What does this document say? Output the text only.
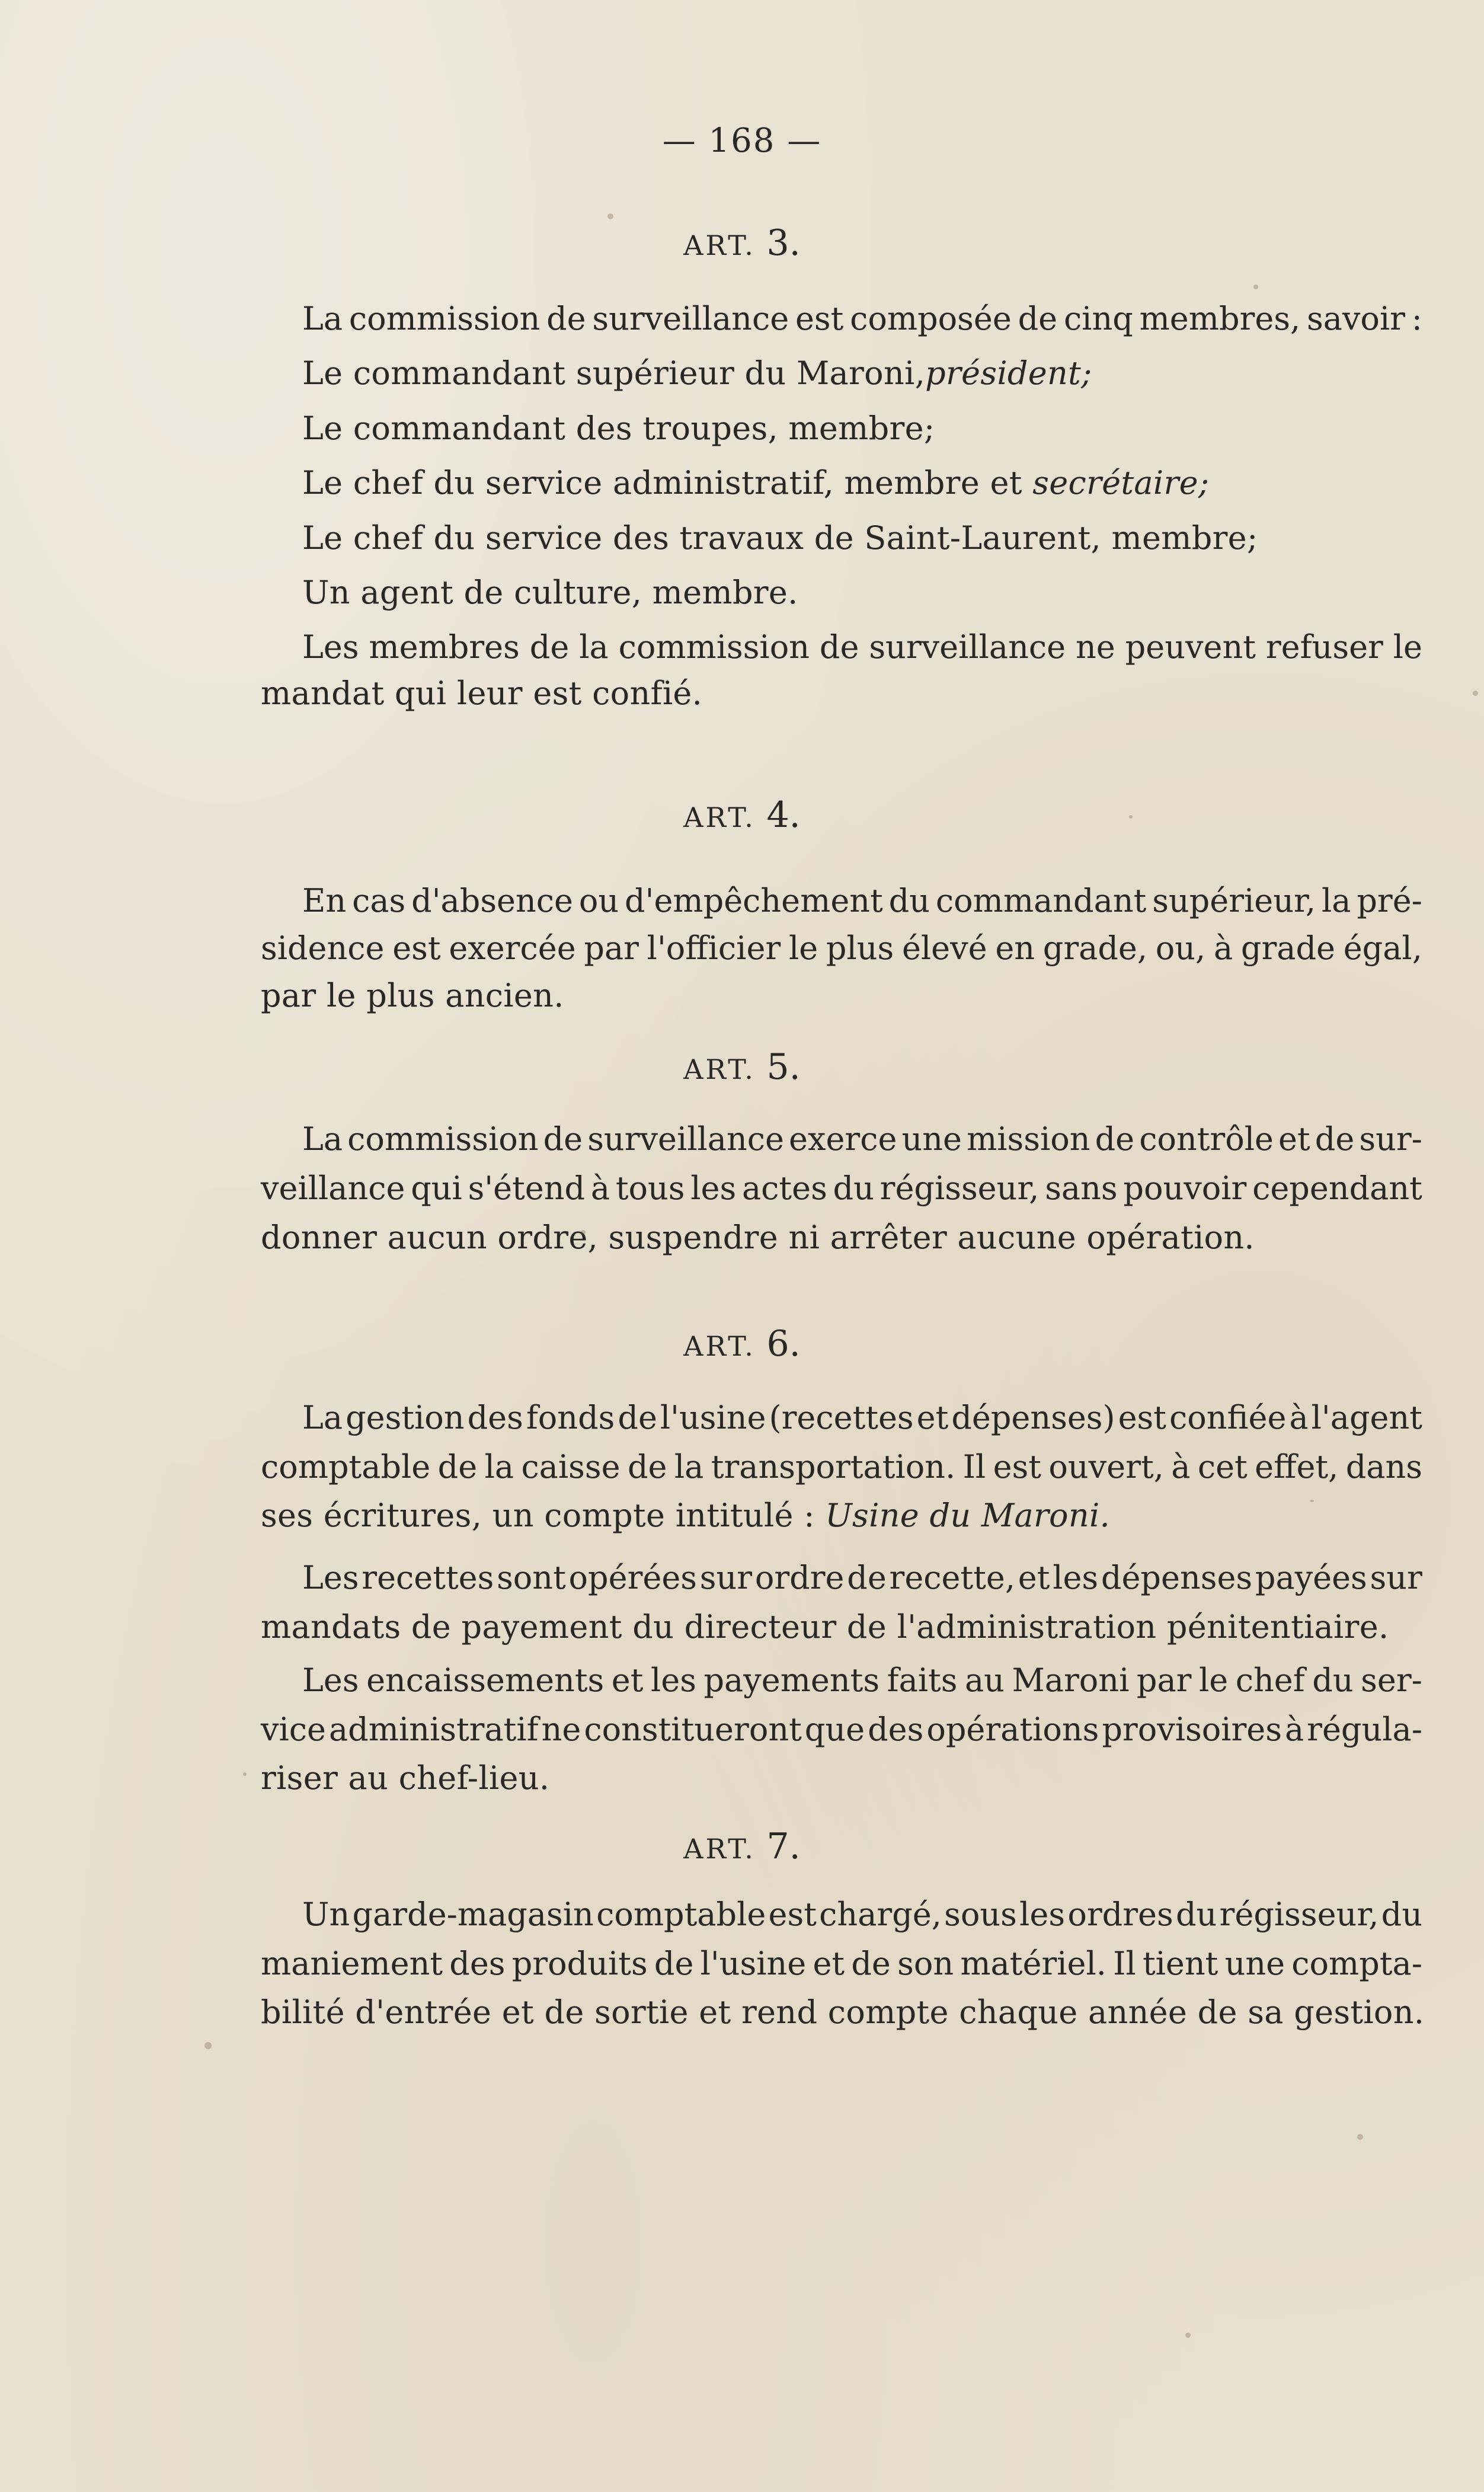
— 168 —
ART. 3.
La commission de surveillance est composée de cinq membres, savoir :
Le commandant supérieur du Maroni,président;
Le commandant des troupes, membre;
Le chef du service administratif, membre et secrétaire;
Le chef du service des travaux de Saint-Laurent, membre;
Un agent de culture, membre.
Les membres de la commission de surveillance ne peuvent refuser le
mandat qui leur est confié.
ART. 4.
En cas d'absence ou d'empêchement du commandant supérieur, la pré-
sidence est exercée par l'officier le plus élevé en grade, ou, à grade égal,
par le plus ancien.
ART. 5.
La commission de surveillance exerce une mission de contrôle et de sur-
veillance qui s'étend à tous les actes du régisseur, sans pouvoir cependant
donner aucun ordre, suspendre ni arrêter aucune opération.
ART. 6.
La gestion des fonds de l'usine (recettes et dépenses) est confiée à l'agent
comptable de la caisse de la transportation. Il est ouvert, à cet effet, dans
ses écritures, un compte intitulé : Usine du Maroni.
Les recettes sont opérées sur ordre de recette, et les dépenses payées sur
mandats de payement du directeur de l'administration pénitentiaire.
Les encaissements et les payements faits au Maroni par le chef du ser-
vice administratif ne constitueront que des opérations provisoires à régula-
riser au chef-lieu.
ART. 7.
Un garde-magasin comptable est chargé, sous les ordres du régisseur, du
maniement des produits de l'usine et de son matériel. Il tient une compta-
bilité d'entrée et de sortie et rend compte chaque année de sa gestion.
